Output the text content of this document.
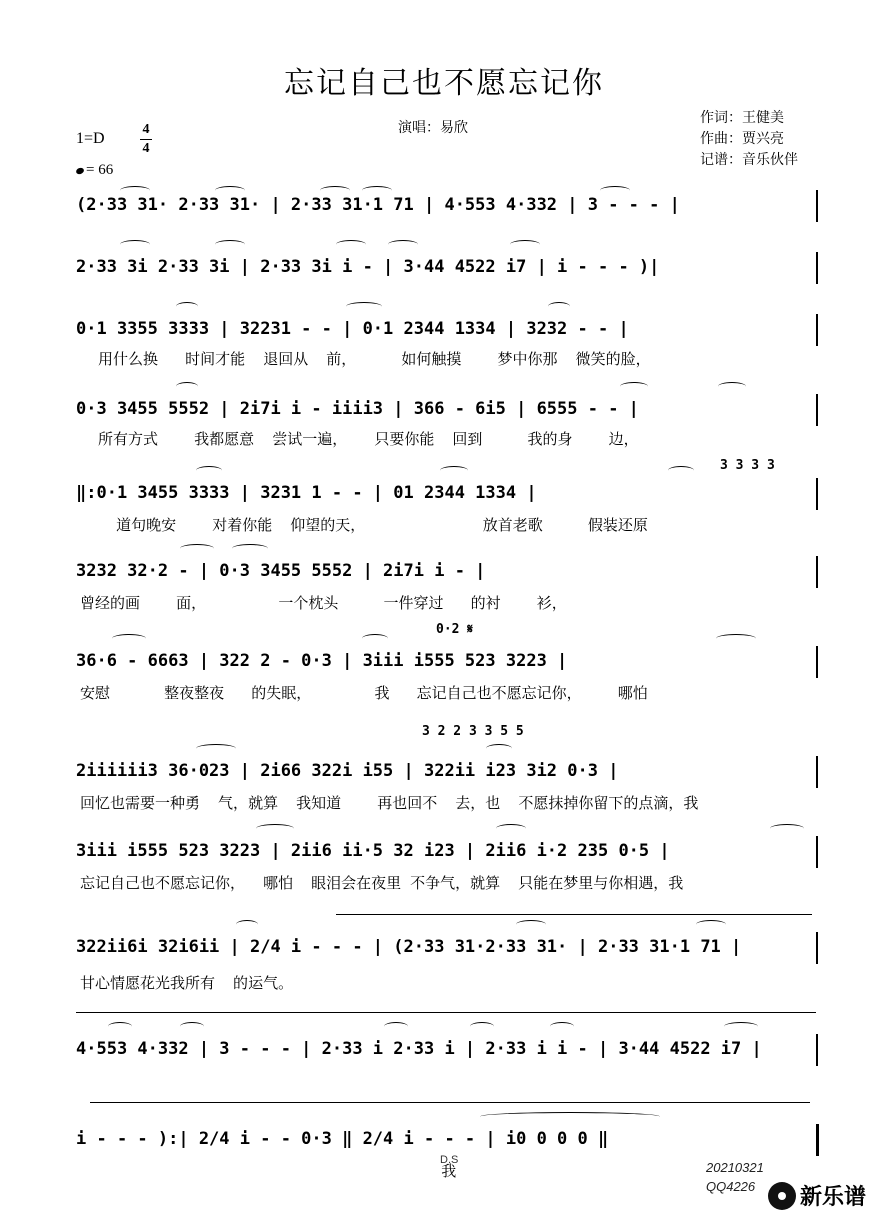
忘记自己也不愿忘记你
1=D
4
4
= 66
演唱：易欣
作词：王健美
作曲：贾兴亮
记谱：音乐伙伴
(2·33 31· 2·33 31· | 2·33 31·1 71 | 4·553 4·332 | 3 - - - |
2·33 3i 2·33 3i | 2·33 3i i - | 3·44 4522 i7 | i - - - )|
0·1 3355 3333 | 32231 - - | 0·1 2344 1334 | 3232 - - |
用什么换   时间才能  退回从  前，     如何触摸    梦中你那  微笑的脸，
0·3 3455 5552 | 2i7i i - iiii3 | 366 - 6i5 | 6555 - - |
所有方式    我都愿意  尝试一遍，   只要你能  回到     我的身    边，
3 3 3 3
‖:0·1 3455 3333 | 3231 1 - - | 01 2344 1334 |
道句晚安    对着你能  仰望的天，             放首老歌     假装还原
3232 32·2 - | 0·3 3455 5552 | 2i7i i - |
曾经的画    面，        一个枕头     一件穿过   的衬    衫，
0·2 𝄋
36·6 - 6663 | 322 2 - 0·3 | 3iii i555 523 3223 |
安慰      整夜整夜   的失眠，       我   忘记自己也不愿忘记你，    哪怕
3 2 2 3 3 5 5
2iiiiii3 36·023 | 2i66 322i i55 | 322ii i23 3i2 0·3 |
回忆也需要一种勇  气，就算  我知道    再也回不  去，也  不愿抹掉你留下的点滴，我
3iii i555 523 3223 | 2ii6 ii·5 32 i23 | 2ii6 i·2 235 0·5 |
忘记自己也不愿忘记你，  哪怕  眼泪会在夜里 不争气，就算  只能在梦里与你相遇，我
322ii6i 32i6ii | 2/4 i - - - | (2·33 31·2·33 31· | 2·33 31·1 71 |
甘心情愿花光我所有  的运气。
4·553 4·332 | 3 - - - | 2·33 i 2·33 i | 2·33 i i - | 3·44 4522 i7 |
i - - - ):| 2/4 i - - 0·3 ‖ 2/4 i - - - | i0 0 0 0 ‖
我
D.S	20210321
QQ4226	新乐谱
